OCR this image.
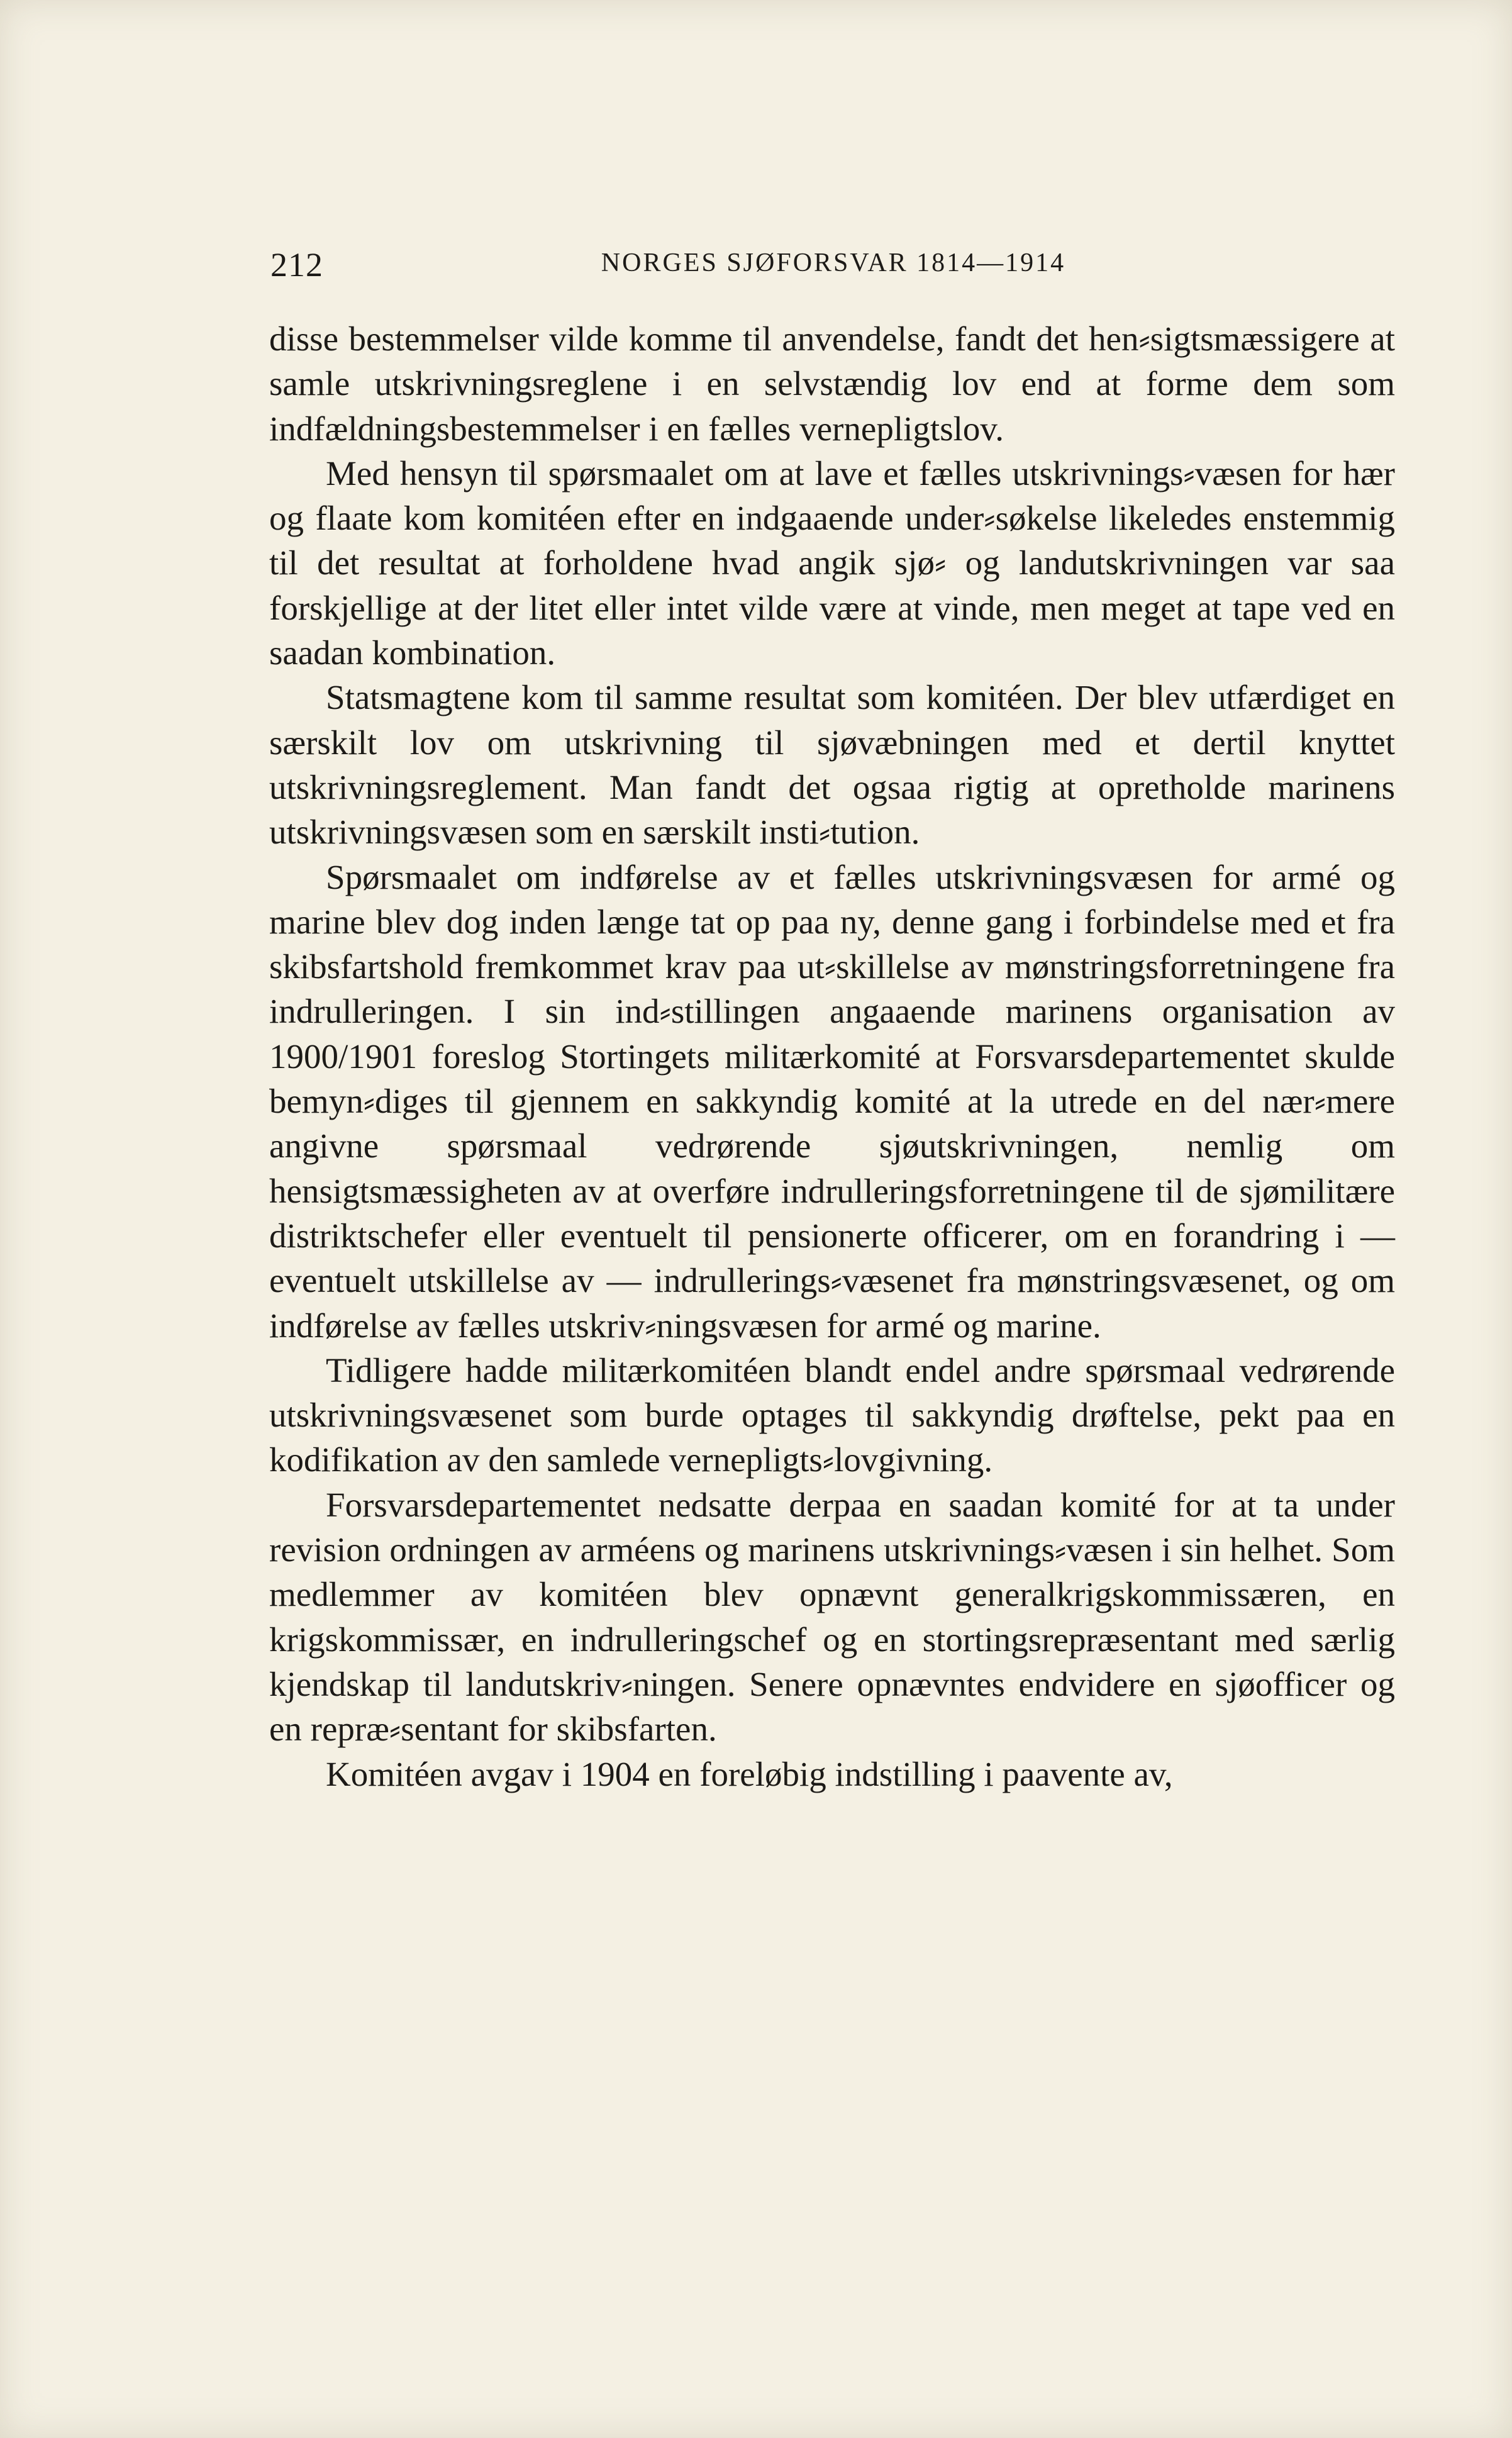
212	NORGES SJØFORSVAR 1814—1914

disse bestemmelser vilde komme til anvendelse, fandt det hen⸗sigtsmæssigere at samle utskrivningsreglene i en selvstændig lov end at forme dem som indfældningsbestemmelser i en fælles vernepligtslov.

Med hensyn til spørsmaalet om at lave et fælles utskrivnings⸗væsen for hær og flaate kom komitéen efter en indgaaende under⸗søkelse likeledes enstemmig til det resultat at forholdene hvad angik sjø⸗ og landutskrivningen var saa forskjellige at der litet eller intet vilde være at vinde, men meget at tape ved en saadan kombination.

Statsmagtene kom til samme resultat som komitéen. Der blev utfærdiget en særskilt lov om utskrivning til sjøvæbningen med et dertil knyttet utskrivningsreglement. Man fandt det ogsaa rigtig at opretholde marinens utskrivningsvæsen som en særskilt insti⸗tution.

Spørsmaalet om indførelse av et fælles utskrivningsvæsen for armé og marine blev dog inden længe tat op paa ny, denne gang i forbindelse med et fra skibsfartshold fremkommet krav paa ut⸗skillelse av mønstringsforretningene fra indrulleringen. I sin ind⸗stillingen angaaende marinens organisation av 1900/1901 foreslog Stortingets militærkomité at Forsvarsdepartementet skulde bemyn⸗diges til gjennem en sakkyndig komité at la utrede en del nær⸗mere angivne spørsmaal vedrørende sjøutskrivningen, nemlig om hensigtsmæssigheten av at overføre indrulleringsforretningene til de sjømilitære distriktschefer eller eventuelt til pensionerte officerer, om en forandring i — eventuelt utskillelse av — indrullerings⸗væsenet fra mønstringsvæsenet, og om indførelse av fælles utskriv⸗ningsvæsen for armé og marine.

Tidligere hadde militærkomitéen blandt endel andre spørsmaal vedrørende utskrivningsvæsenet som burde optages til sakkyndig drøftelse, pekt paa en kodifikation av den samlede vernepligts⸗lovgivning.

Forsvarsdepartementet nedsatte derpaa en saadan komité for at ta under revision ordningen av arméens og marinens utskrivnings⸗væsen i sin helhet. Som medlemmer av komitéen blev opnævnt generalkrigskommissæren, en krigskommissær, en indrulleringschef og en stortingsrepræsentant med særlig kjendskap til landutskriv⸗ningen. Senere opnævntes endvidere en sjøofficer og en repræ⸗sentant for skibsfarten.

Komitéen avgav i 1904 en foreløbig indstilling i paavente av,
